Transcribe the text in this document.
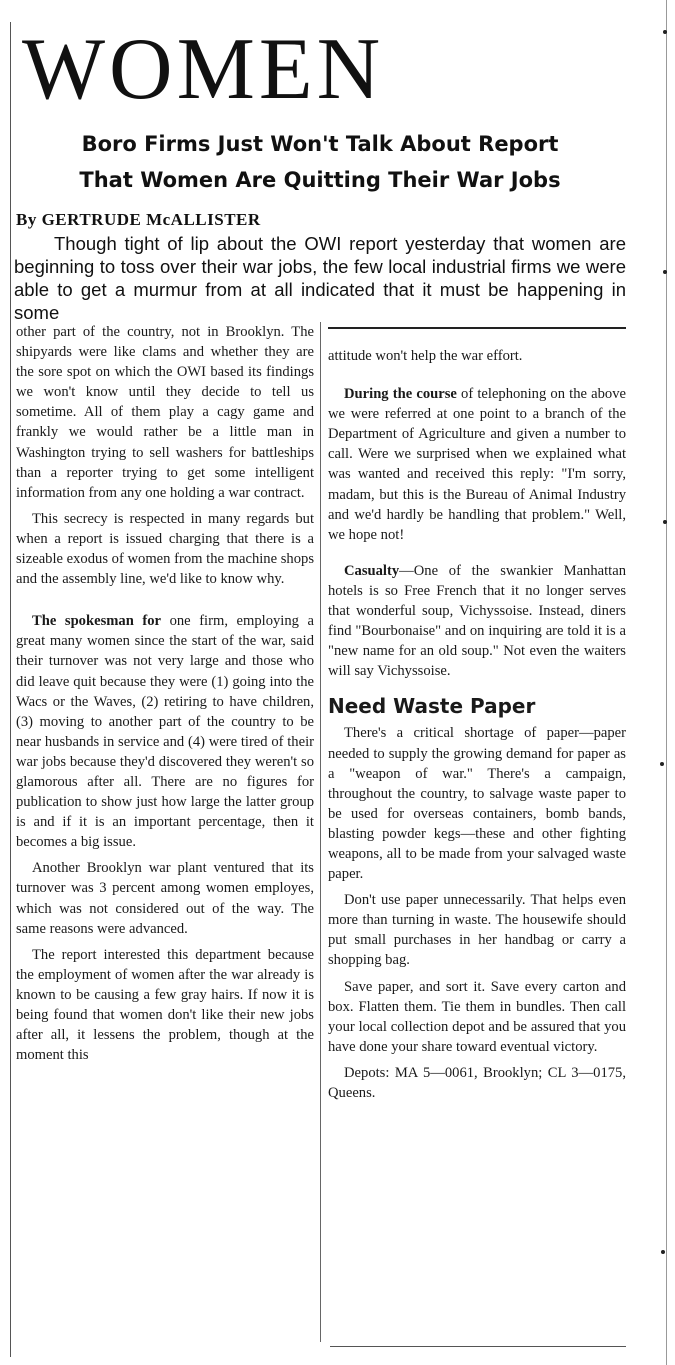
WOMEN
Boro Firms Just Won't Talk About Report
That Women Are Quitting Their War Jobs
By GERTRUDE McALLISTER

Though tight of lip about the OWI report yesterday that women are beginning to toss over their war jobs, the few local industrial firms we were able to get a murmur from at all indicated that it must be happening in some

other part of the country, not in Brooklyn. The shipyards were like clams and whether they are the sore spot on which the OWI based its findings we won't know until they decide to tell us sometime. All of them play a cagy game and frankly we would rather be a little man in Washington trying to sell washers for battleships than a reporter trying to get some intelligent information from any one holding a war contract.

This secrecy is respected in many regards but when a report is issued charging that there is a sizeable exodus of women from the machine shops and the assembly line, we'd like to know why.

The spokesman for one firm, employing a great many women since the start of the war, said their turnover was not very large and those who did leave quit because they were (1) going into the Wacs or the Waves, (2) retiring to have children, (3) moving to another part of the country to be near husbands in service and (4) were tired of their war jobs because they'd discovered they weren't so glamorous after all. There are no figures for publication to show just how large the latter group is and if it is an important percentage, then it becomes a big issue.

Another Brooklyn war plant ventured that its turnover was 3 percent among women employes, which was not considered out of the way. The same reasons were advanced.

The report interested this department because the employment of women after the war already is known to be causing a few gray hairs. If now it is being found that women don't like their new jobs after all, it lessens the problem, though at the moment this

attitude won't help the war effort.

During the course of telephoning on the above we were referred at one point to a branch of the Department of Agriculture and given a number to call. Were we surprised when we explained what was wanted and received this reply: "I'm sorry, madam, but this is the Bureau of Animal Industry and we'd hardly be handling that problem." Well, we hope not!

Casualty—One of the swankier Manhattan hotels is so Free French that it no longer serves that wonderful soup, Vichyssoise. Instead, diners find "Bourbonaise" and on inquiring are told it is a "new name for an old soup." Not even the waiters will say Vichyssoise.

Need Waste Paper

There's a critical shortage of paper—paper needed to supply the growing demand for paper as a "weapon of war." There's a campaign, throughout the country, to salvage waste paper to be used for overseas containers, bomb bands, blasting powder kegs—these and other fighting weapons, all to be made from your salvaged waste paper.

Don't use paper unnecessarily. That helps even more than turning in waste. The housewife should put small purchases in her handbag or carry a shopping bag.

Save paper, and sort it. Save every carton and box. Flatten them. Tie them in bundles. Then call your local collection depot and be assured that you have done your share toward eventual victory.

Depots: MA 5—0061, Brooklyn; CL 3—0175, Queens.
